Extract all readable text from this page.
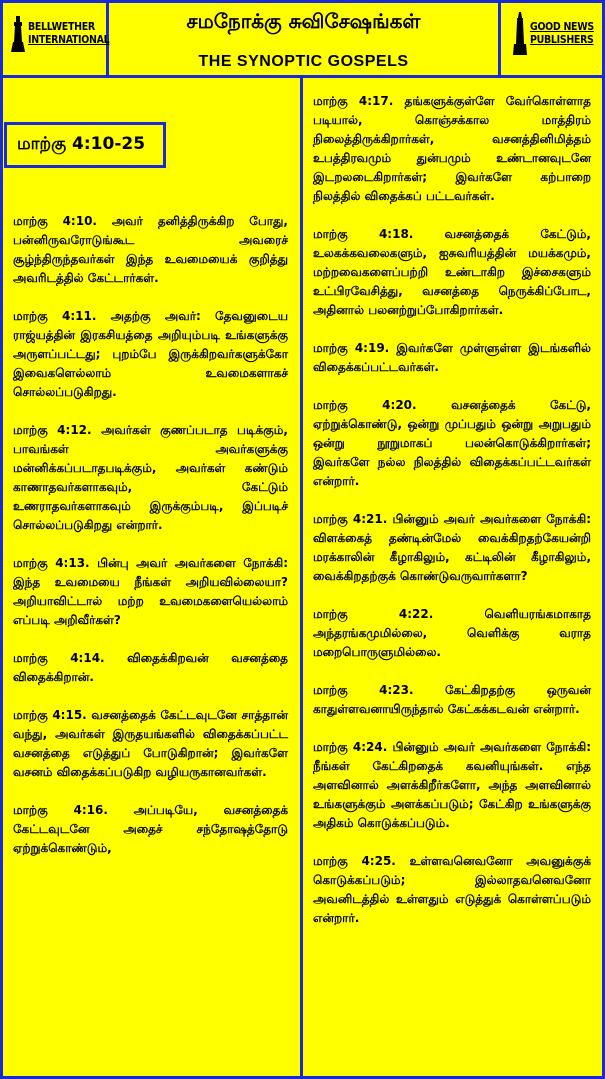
BELLWETHER
INTERNATIONAL
சமநோக்கு சுவிசேஷங்கள்
THE SYNOPTIC GOSPELS
GOOD NEWS
PUBLISHERS
மாற்கு 4:10-25

மாற்கு 4:10. அவர் தனித்திருக்கிற போது, பன்னிருவரோடுங்கூட அவரைச் சூழ்ந்திருந்தவர்கள் இந்த உவமையைக் குறித்து அவரிடத்தில் கேட்டார்கள்.

மாற்கு 4:11. அதற்கு அவர்: தேவனுடைய ராஜ்யத்தின் இரகசியத்தை அறியும்படி உங்களுக்கு அருளப்பட்டது; புறம்பே இருக்கிறவர்களுக்கோ இவைகளெல்லாம் உவமைகளாகச் சொல்லப்படுகிறது.

மாற்கு 4:12. அவர்கள் குணப்படாத படிக்கும், பாவங்கள் அவர்களுக்கு மன்னிக்கப்படாதபடிக்கும், அவர்கள் கண்டும் காணாதவர்களாகவும், கேட்டும் உணராதவர்களாகவும் இருக்கும்படி, இப்படிச் சொல்லப்படுகிறது என்றார்.

மாற்கு 4:13. பின்பு அவர் அவர்களை நோக்கி: இந்த உவமையை நீங்கள் அறியவில்லையா? அறியாவிட்டால் மற்ற உவமைகளையெல்லாம் எப்படி அறிவீர்கள்?

மாற்கு 4:14. விதைக்கிறவன் வசனத்தை விதைக்கிறான்.

மாற்கு 4:15. வசனத்தைக் கேட்டவுடனே சாத்தான் வந்து, அவர்கள் இருதயங்களில் விதைக்கப்பட்ட வசனத்தை எடுத்துப் போடுகிறான்; இவர்களே வசனம் விதைக்கப்படுகிற வழியருகானவர்கள்.

மாற்கு 4:16. அப்படியே, வசனத்தைக் கேட்டவுடனே அதைச் சந்தோஷத்தோடு ஏற்றுக்கொண்டும்,

மாற்கு 4:17. தங்களுக்குள்ளே வேர்கொள்ளாத படியால், கொஞ்சக்கால மாத்திரம் நிலைத்திருக்கிறார்கள், வசனத்தினிமித்தம் உபத்திரவமும் துன்பமும் உண்டானவுடனே இடறலடைகிறார்கள்; இவர்களே கற்பாறை நிலத்தில் விதைக்கப் பட்டவர்கள்.

மாற்கு 4:18. வசனத்தைக் கேட்டும், உலகக்கவலைகளும், ஐசுவரியத்தின் மயக்கமும், மற்றவைகளைப்பற்றி உண்டாகிற இச்சைகளும் உட்பிரவேசித்து, வசனத்தை நெருக்கிப்போட, அதினால் பலனற்றுப்போகிறார்கள்.

மாற்கு 4:19. இவர்களே முள்ளுள்ள இடங்களில் விதைக்கப்பட்டவர்கள்.

மாற்கு 4:20. வசனத்தைக் கேட்டு, ஏற்றுக்கொண்டு, ஒன்று முப்பதும் ஒன்று அறுபதும் ஒன்று நூறுமாகப் பலன்கொடுக்கிறார்கள்; இவர்களே நல்ல நிலத்தில் விதைக்கப்பட்டவர்கள் என்றார்.

மாற்கு 4:21. பின்னும் அவர் அவர்களை நோக்கி: விளக்கைத் தண்டின்மேல் வைக்கிறதற்கேயன்றி மரக்காலின் கீழாகிலும், கட்டிலின் கீழாகிலும், வைக்கிறதற்குக் கொண்டுவருவார்களா?

மாற்கு 4:22. வெளியரங்கமாகாத அந்தரங்கமுமில்லை, வெளிக்கு வராத மறைபொருளுமில்லை.

மாற்கு 4:23. கேட்கிறதற்கு ஒருவன் காதுள்ளவனாயிருந்தால் கேட்கக்கடவன் என்றார்.

மாற்கு 4:24. பின்னும் அவர் அவர்களை நோக்கி: நீங்கள் கேட்கிறதைக் கவனியுங்கள். எந்த அளவினால் அளக்கிறீர்களோ, அந்த அளவினால் உங்களுக்கும் அளக்கப்படும்; கேட்கிற உங்களுக்கு அதிகம் கொடுக்கப்படும்.

மாற்கு 4:25. உள்ளவனெவனோ அவனுக்குக் கொடுக்கப்படும்; இல்லாதவனெவனோ அவனிடத்தில் உள்ளதும் எடுத்துக் கொள்ளப்படும் என்றார்.
